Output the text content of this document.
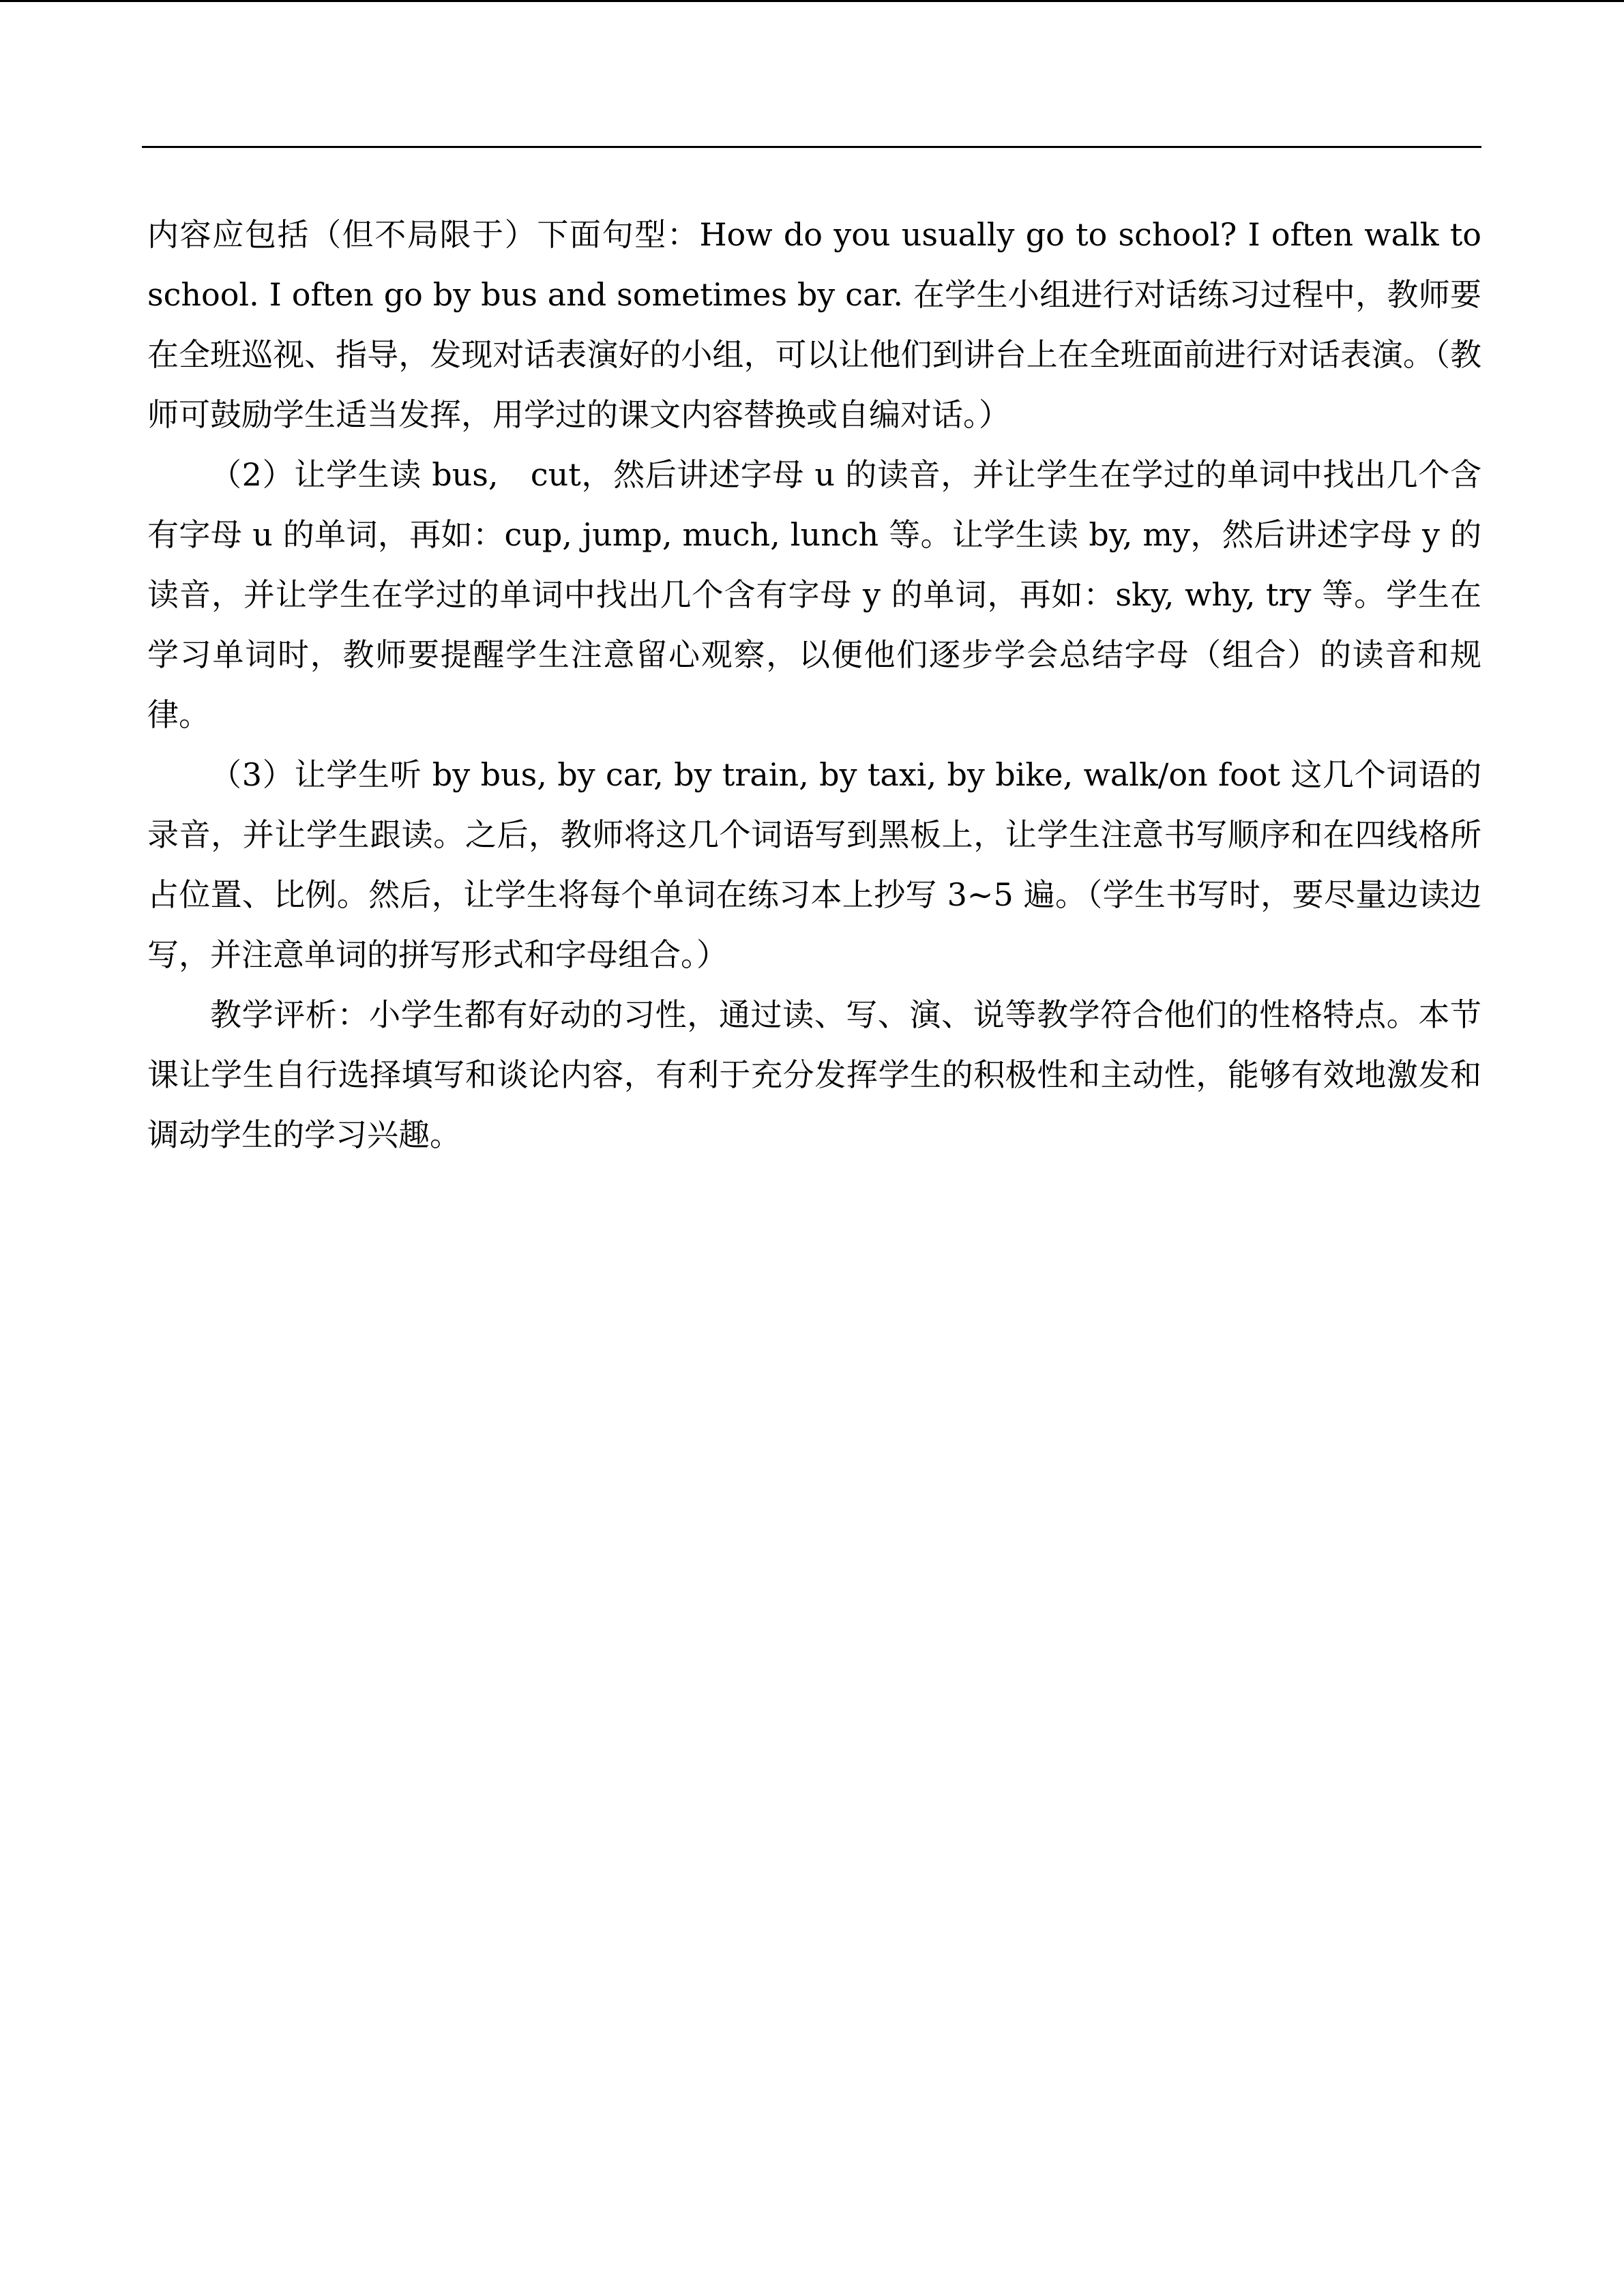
内容应包括（但不局限于）下面句型：How do you usually go to school? I often walk to school. I often go by bus and sometimes by car. 在学生小组进行对话练习过程中，教师要在全班巡视、指导，发现对话表演好的小组，可以让他们到讲台上在全班面前进行对话表演。（教师可鼓励学生适当发挥，用学过的课文内容替换或自编对话。）

（2）让学生读 bus,　cut，然后讲述字母 u 的读音，并让学生在学过的单词中找出几个含有字母 u 的单词，再如：cup, jump, much, lunch 等。让学生读 by, my，然后讲述字母 y 的读音，并让学生在学过的单词中找出几个含有字母 y 的单词，再如：sky, why, try 等。学生在学习单词时，教师要提醒学生注意留心观察，以便他们逐步学会总结字母（组合）的读音和规律。

（3）让学生听 by bus, by car, by train, by taxi, by bike, walk/on foot 这几个词语的录音，并让学生跟读。之后，教师将这几个词语写到黑板上，让学生注意书写顺序和在四线格所占位置、比例。然后，让学生将每个单词在练习本上抄写 3~5 遍。（学生书写时，要尽量边读边写，并注意单词的拼写形式和字母组合。）

教学评析：小学生都有好动的习性，通过读、写、演、说等教学符合他们的性格特点。本节课让学生自行选择填写和谈论内容，有利于充分发挥学生的积极性和主动性，能够有效地激发和调动学生的学习兴趣。
